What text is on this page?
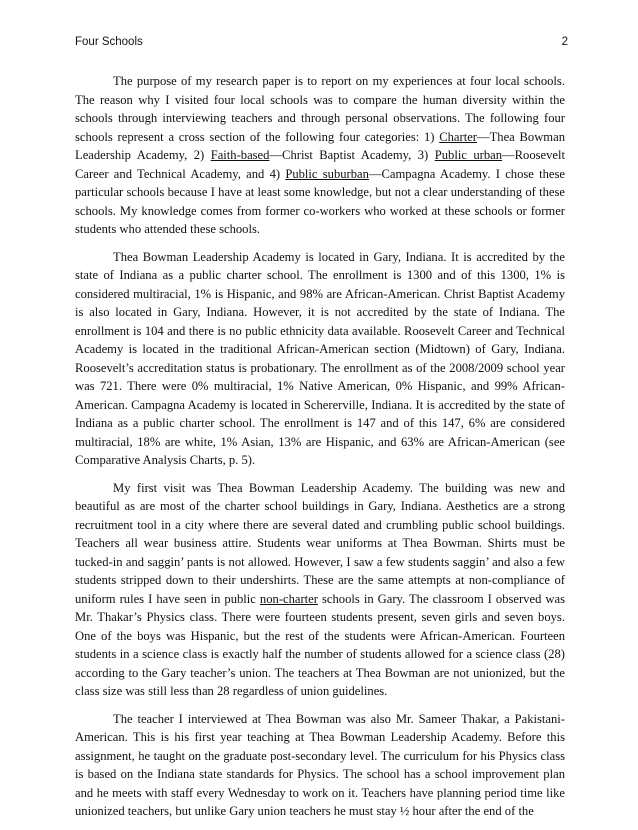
Four Schools	2

The purpose of my research paper is to report on my experiences at four local schools. The reason why I visited four local schools was to compare the human diversity within the schools through interviewing teachers and through personal observations. The following four schools represent a cross section of the following four categories: 1) Charter—Thea Bowman Leadership Academy, 2) Faith-based—Christ Baptist Academy, 3) Public urban—Roosevelt Career and Technical Academy, and 4) Public suburban—Campagna Academy. I chose these particular schools because I have at least some knowledge, but not a clear understanding of these schools. My knowledge comes from former co-workers who worked at these schools or former students who attended these schools.

Thea Bowman Leadership Academy is located in Gary, Indiana. It is accredited by the state of Indiana as a public charter school. The enrollment is 1300 and of this 1300, 1% is considered multiracial, 1% is Hispanic, and 98% are African-American. Christ Baptist Academy is also located in Gary, Indiana. However, it is not accredited by the state of Indiana. The enrollment is 104 and there is no public ethnicity data available. Roosevelt Career and Technical Academy is located in the traditional African-American section (Midtown) of Gary, Indiana. Roosevelt’s accreditation status is probationary. The enrollment as of the 2008/2009 school year was 721. There were 0% multiracial, 1% Native American, 0% Hispanic, and 99% African-American. Campagna Academy is located in Schererville, Indiana. It is accredited by the state of Indiana as a public charter school. The enrollment is 147 and of this 147, 6% are considered multiracial, 18% are white, 1% Asian, 13% are Hispanic, and 63% are African-American (see Comparative Analysis Charts, p. 5).

My first visit was Thea Bowman Leadership Academy. The building was new and beautiful as are most of the charter school buildings in Gary, Indiana. Aesthetics are a strong recruitment tool in a city where there are several dated and crumbling public school buildings. Teachers all wear business attire. Students wear uniforms at Thea Bowman. Shirts must be tucked-in and saggin’ pants is not allowed. However, I saw a few students saggin’ and also a few students stripped down to their undershirts. These are the same attempts at non-compliance of uniform rules I have seen in public non-charter schools in Gary. The classroom I observed was Mr. Thakar’s Physics class. There were fourteen students present, seven girls and seven boys. One of the boys was Hispanic, but the rest of the students were African-American. Fourteen students in a science class is exactly half the number of students allowed for a science class (28) according to the Gary teacher’s union. The teachers at Thea Bowman are not unionized, but the class size was still less than 28 regardless of union guidelines.

The teacher I interviewed at Thea Bowman was also Mr. Sameer Thakar, a Pakistani-American. This is his first year teaching at Thea Bowman Leadership Academy. Before this assignment, he taught on the graduate post-secondary level. The curriculum for his Physics class is based on the Indiana state standards for Physics. The school has a school improvement plan and he meets with staff every Wednesday to work on it. Teachers have planning period time like unionized teachers, but unlike Gary union teachers he must stay ½ hour after the end of the
